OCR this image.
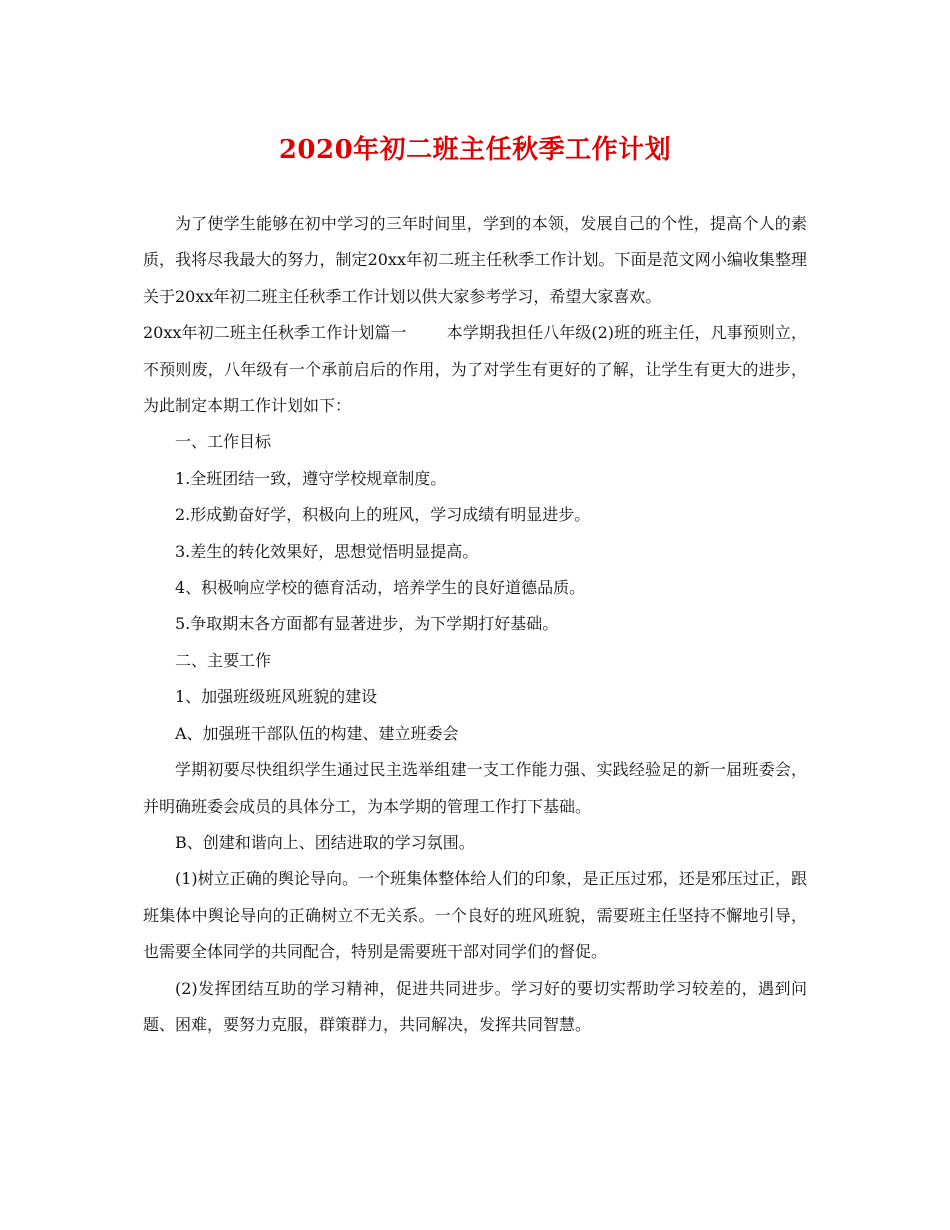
2020年初二班主任秋季工作计划

为了使学生能够在初中学习的三年时间里，学到的本领，发展自己的个性，提高个人的素质，我将尽我最大的努力，制定20xx年初二班主任秋季工作计划。下面是范文网小编收集整理关于20xx年初二班主任秋季工作计划以供大家参考学习，希望大家喜欢。

20xx年初二班主任秋季工作计划篇一	本学期我担任八年级(2)班的班主任，凡事预则立，不预则废，八年级有一个承前启后的作用，为了对学生有更好的了解，让学生有更大的进步，为此制定本期工作计划如下：

一、工作目标

1.全班团结一致，遵守学校规章制度。

2.形成勤奋好学，积极向上的班风，学习成绩有明显进步。

3.差生的转化效果好，思想觉悟明显提高。

4、积极响应学校的德育活动，培养学生的良好道德品质。

5.争取期末各方面都有显著进步，为下学期打好基础。

二、主要工作

1、加强班级班风班貌的建设

A、加强班干部队伍的构建、建立班委会

学期初要尽快组织学生通过民主选举组建一支工作能力强、实践经验足的新一届班委会，并明确班委会成员的具体分工，为本学期的管理工作打下基础。

B、创建和谐向上、团结进取的学习氛围。

(1)树立正确的舆论导向。一个班集体整体给人们的印象，是正压过邪，还是邪压过正，跟班集体中舆论导向的正确树立不无关系。一个良好的班风班貌，需要班主任坚持不懈地引导，也需要全体同学的共同配合，特别是需要班干部对同学们的督促。

(2)发挥团结互助的学习精神，促进共同进步。学习好的要切实帮助学习较差的，遇到问题、困难，要努力克服，群策群力，共同解决，发挥共同智慧。
